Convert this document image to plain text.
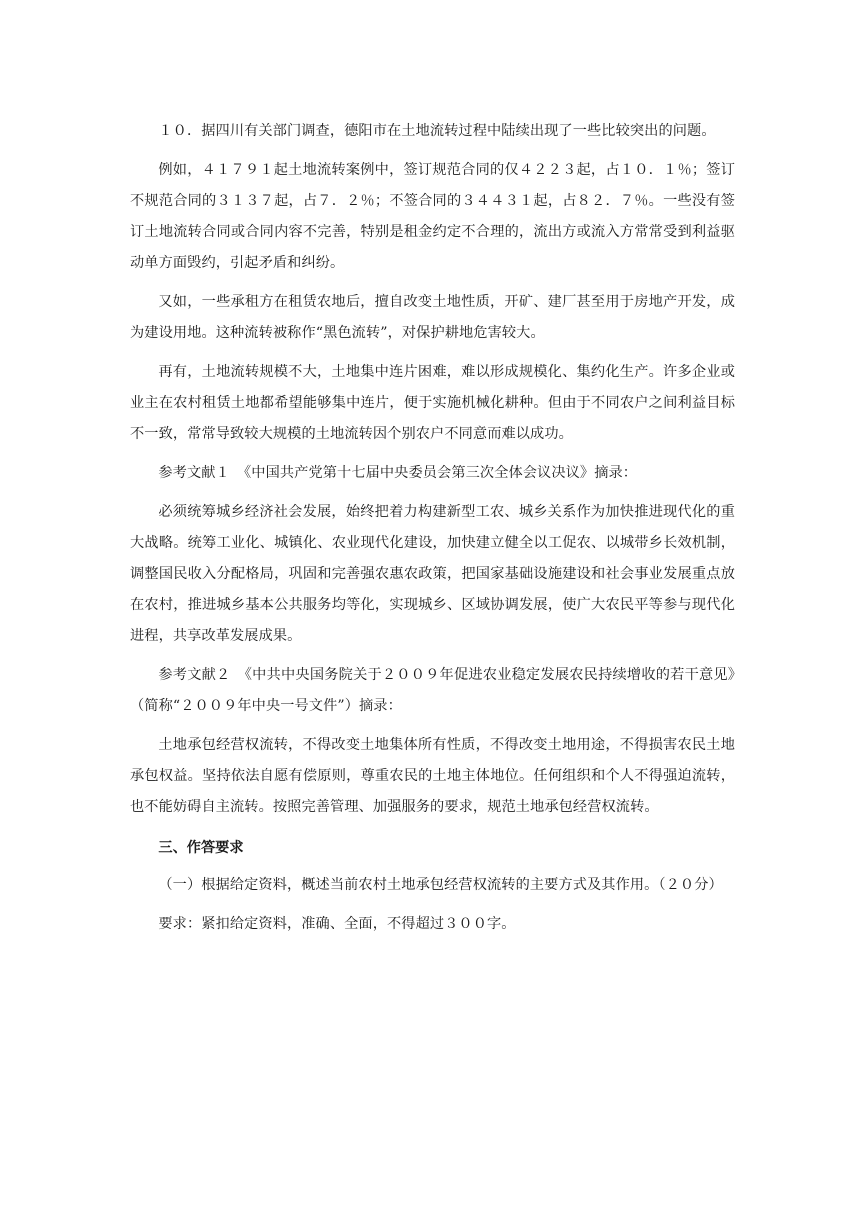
１０．据四川有关部门调查，德阳市在土地流转过程中陆续出现了一些比较突出的问题。

例如，４１７９１起土地流转案例中，签订规范合同的仅４２２３起，占１０．１％；签订不规范合同的３１３７起，占７．２％；不签合同的３４４３１起，占８２．７％。一些没有签订土地流转合同或合同内容不完善，特别是租金约定不合理的，流出方或流入方常常受到利益驱动单方面毁约，引起矛盾和纠纷。

又如，一些承租方在租赁农地后，擅自改变土地性质，开矿、建厂甚至用于房地产开发，成为建设用地。这种流转被称作“黑色流转”，对保护耕地危害较大。

再有，土地流转规模不大，土地集中连片困难，难以形成规模化、集约化生产。许多企业或业主在农村租赁土地都希望能够集中连片，便于实施机械化耕种。但由于不同农户之间利益目标不一致，常常导致较大规模的土地流转因个别农户不同意而难以成功。

参考文献１　《中国共产党第十七届中央委员会第三次全体会议决议》摘录：

必须统筹城乡经济社会发展，始终把着力构建新型工农、城乡关系作为加快推进现代化的重大战略。统筹工业化、城镇化、农业现代化建设，加快建立健全以工促农、以城带乡长效机制，调整国民收入分配格局，巩固和完善强农惠农政策，把国家基础设施建设和社会事业发展重点放在农村，推进城乡基本公共服务均等化，实现城乡、区域协调发展，使广大农民平等参与现代化进程，共享改革发展成果。

参考文献２　《中共中央国务院关于２００９年促进农业稳定发展农民持续增收的若干意见》（简称“２００９年中央一号文件”）摘录：

土地承包经营权流转，不得改变土地集体所有性质，不得改变土地用途，不得损害农民土地承包权益。坚持依法自愿有偿原则，尊重农民的土地主体地位。任何组织和个人不得强迫流转，也不能妨碍自主流转。按照完善管理、加强服务的要求，规范土地承包经营权流转。

三、作答要求

（一）根据给定资料，概述当前农村土地承包经营权流转的主要方式及其作用。（２０分）

要求：紧扣给定资料，准确、全面，不得超过３００字。
